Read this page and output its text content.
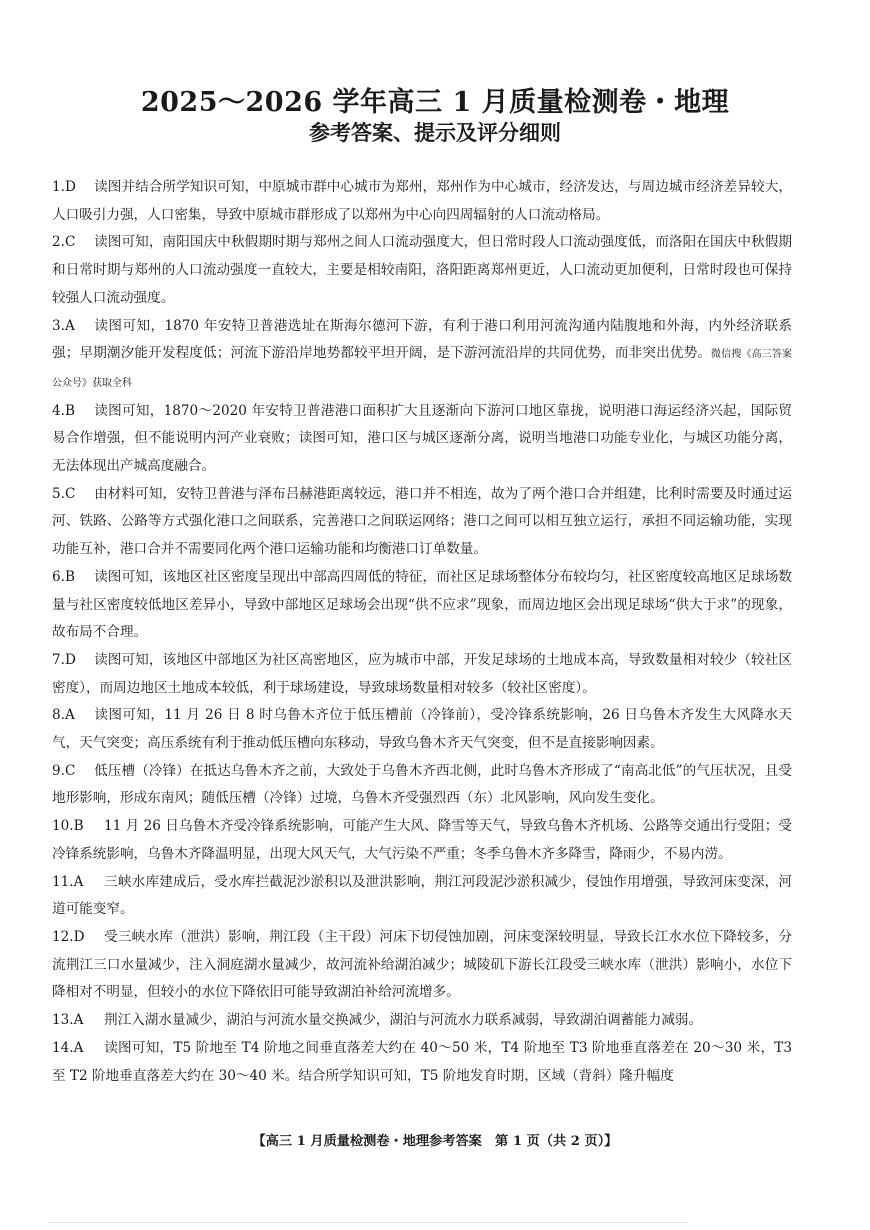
2025～2026 学年高三 1 月质量检测卷・地理
参考答案、提示及评分细则

1.D 读图并结合所学知识可知，中原城市群中心城市为郑州，郑州作为中心城市，经济发达，与周边城市经济差异较大，人口吸引力强，人口密集，导致中原城市群形成了以郑州为中心向四周辐射的人口流动格局。

2.C 读图可知，南阳国庆中秋假期时期与郑州之间人口流动强度大，但日常时段人口流动强度低，而洛阳在国庆中秋假期和日常时期与郑州的人口流动强度一直较大，主要是相较南阳，洛阳距离郑州更近，人口流动更加便利，日常时段也可保持较强人口流动强度。

3.A 读图可知，1870 年安特卫普港选址在斯海尔德河下游，有利于港口利用河流沟通内陆腹地和外海，内外经济联系强；早期潮汐能开发程度低；河流下游沿岸地势都较平坦开阔，是下游河流沿岸的共同优势，而非突出优势。微信搜《高三答案公众号》获取全科

4.B 读图可知，1870～2020 年安特卫普港港口面积扩大且逐渐向下游河口地区靠拢，说明港口海运经济兴起，国际贸易合作增强，但不能说明内河产业衰败；读图可知，港口区与城区逐渐分离，说明当地港口功能专业化，与城区功能分离，无法体现出产城高度融合。

5.C 由材料可知，安特卫普港与泽布吕赫港距离较远，港口并不相连，故为了两个港口合并组建，比利时需要及时通过运河、铁路、公路等方式强化港口之间联系，完善港口之间联运网络；港口之间可以相互独立运行，承担不同运输功能，实现功能互补，港口合并不需要同化两个港口运输功能和均衡港口订单数量。

6.B 读图可知，该地区社区密度呈现出中部高四周低的特征，而社区足球场整体分布较均匀，社区密度较高地区足球场数量与社区密度较低地区差异小，导致中部地区足球场会出现“供不应求”现象，而周边地区会出现足球场“供大于求”的现象，故布局不合理。

7.D 读图可知，该地区中部地区为社区高密地区，应为城市中部，开发足球场的土地成本高，导致数量相对较少（较社区密度），而周边地区土地成本较低，利于球场建设，导致球场数量相对较多（较社区密度）。

8.A 读图可知，11 月 26 日 8 时乌鲁木齐位于低压槽前（冷锋前），受冷锋系统影响，26 日乌鲁木齐发生大风降水天气，天气突变；高压系统有利于推动低压槽向东移动，导致乌鲁木齐天气突变，但不是直接影响因素。

9.C 低压槽（冷锋）在抵达乌鲁木齐之前，大致处于乌鲁木齐西北侧，此时乌鲁木齐形成了“南高北低”的气压状况，且受地形影响，形成东南风；随低压槽（冷锋）过境，乌鲁木齐受强烈西（东）北风影响，风向发生变化。

10.B 11 月 26 日乌鲁木齐受冷锋系统影响，可能产生大风、降雪等天气，导致乌鲁木齐机场、公路等交通出行受阻；受冷锋系统影响，乌鲁木齐降温明显，出现大风天气，大气污染不严重；冬季乌鲁木齐多降雪，降雨少，不易内涝。

11.A 三峡水库建成后，受水库拦截泥沙淤积以及泄洪影响，荆江河段泥沙淤积减少，侵蚀作用增强，导致河床变深，河道可能变窄。

12.D 受三峡水库（泄洪）影响，荆江段（主干段）河床下切侵蚀加剧，河床变深较明显，导致长江水水位下降较多，分流荆江三口水量减少，注入洞庭湖水量减少，故河流补给湖泊减少；城陵矶下游长江段受三峡水库（泄洪）影响小，水位下降相对不明显，但较小的水位下降依旧可能导致湖泊补给河流增多。

13.A 荆江入湖水量减少，湖泊与河流水量交换减少，湖泊与河流水力联系减弱，导致湖泊调蓄能力减弱。

14.A 读图可知，T5 阶地至 T4 阶地之间垂直落差大约在 40～50 米，T4 阶地至 T3 阶地垂直落差在 20～30 米，T3 至 T2 阶地垂直落差大约在 30～40 米。结合所学知识可知，T5 阶地发育时期，区域（背斜）隆升幅度

【高三 1 月质量检测卷・地理参考答案　第 1 页（共 2 页）】
